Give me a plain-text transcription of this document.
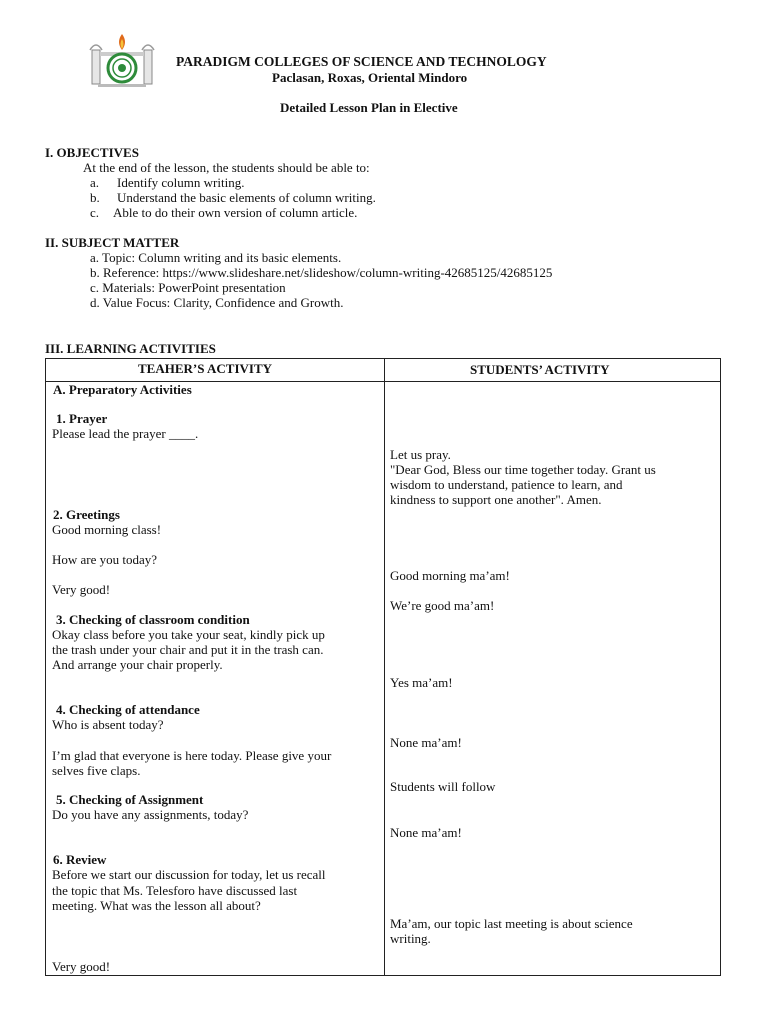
PARADIGM COLLEGES OF SCIENCE AND TECHNOLOGY
Paclasan, Roxas, Oriental Mindoro
Detailed Lesson Plan in Elective
I. OBJECTIVES
At the end of the lesson, the students should be able to:
a. Identify column writing.
b. Understand the basic elements of column writing.
c. Able to do their own version of column article.
II. SUBJECT MATTER
a. Topic: Column writing and its basic elements.
b. Reference: https://www.slideshare.net/slideshow/column-writing-42685125/42685125
c. Materials: PowerPoint presentation
d. Value Focus: Clarity, Confidence and Growth.
III. LEARNING ACTIVITIES
TEAHER’S ACTIVITY	STUDENTS’ ACTIVITY
A. Preparatory Activities
1. Prayer
Please lead the prayer ____.
2. Greetings
Good morning class!
How are you today?
Very good!
3. Checking of classroom condition
Okay class before you take your seat, kindly pick up
the trash under your chair and put it in the trash can.
And arrange your chair properly.
4. Checking of attendance
Who is absent today?
I’m glad that everyone is here today. Please give your
selves five claps.
5. Checking of Assignment
Do you have any assignments, today?
6. Review
Before we start our discussion for today, let us recall
the topic that Ms. Telesforo have discussed last
meeting. What was the lesson all about?
Very good!
Let us pray.
"Dear God, Bless our time together today. Grant us
wisdom to understand, patience to learn, and
kindness to support one another". Amen.
Good morning ma’am!
We’re good ma’am!
Yes ma’am!
None ma’am!
Students will follow
None ma’am!
Ma’am, our topic last meeting is about science
writing.
